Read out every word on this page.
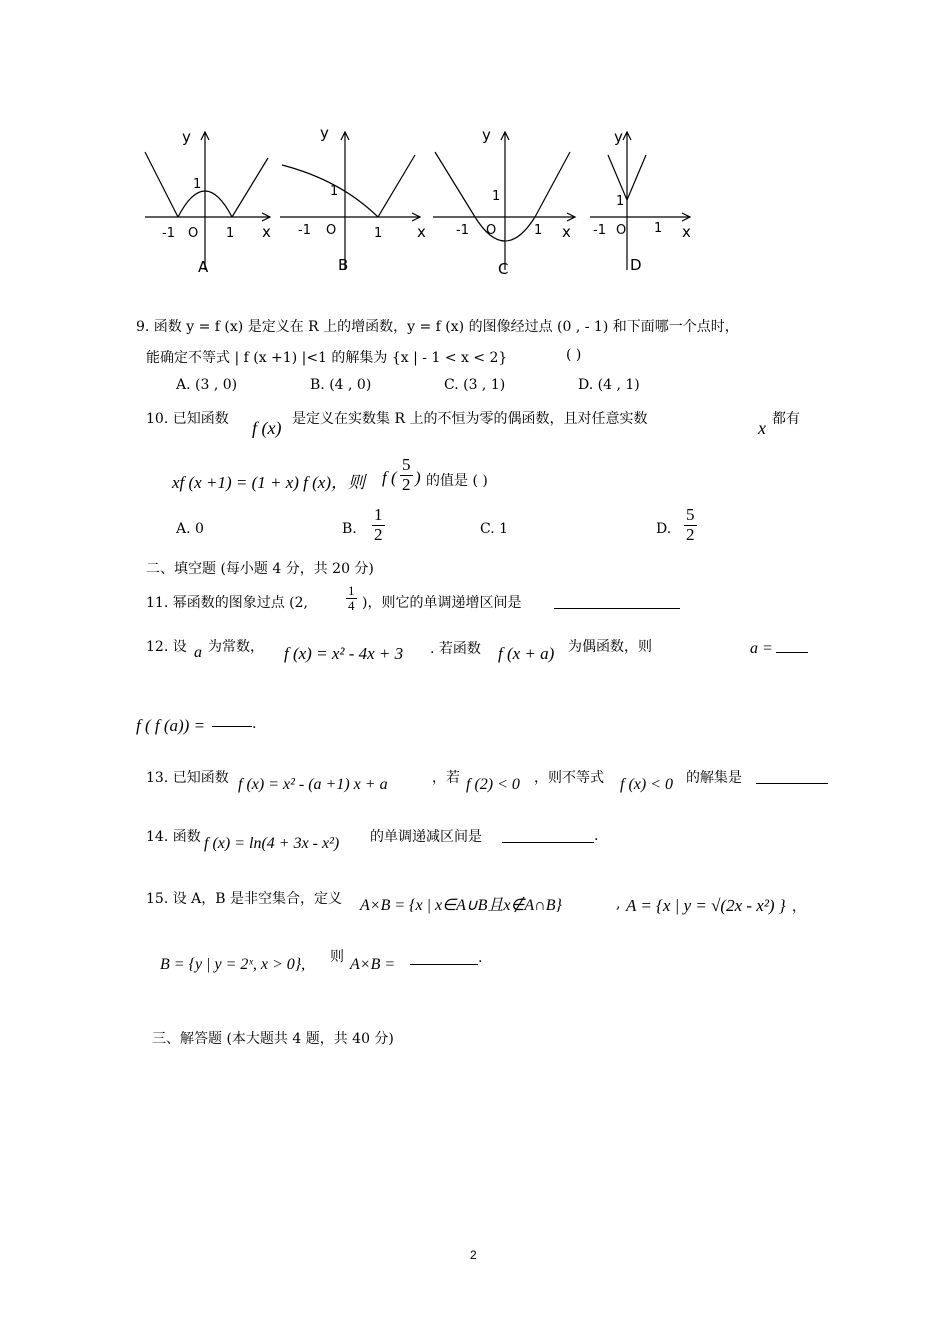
y
1
-1 O 1 x
A
y
1
-1 O	1 x
B
y
1
-1 O	1 x
C
y
1
-1 O 1 x
D
9. 函数 y = f (x) 是定义在 R 上的增函数，y = f (x) 的图像经过点 (0 , - 1) 和下面哪一个点时，
能确定不等式 | f (x +1) |<1 的解集为 {x | - 1 < x < 2}	( )
A. (3 , 0)	B. (4 , 0)	C. (3 , 1)	D. (4 , 1)
10. 已知函数 f (x) 是定义在实数集 R 上的不恒为零的偶函数，且对任意实数	x 都有
xf (x +1) = (1 + x) f (x)，则 f ( $\frac{5}{2}$ ) 的值是 ( )
A. 0	B. $\frac{1}{2}$	C. 1	D. $\frac{5}{2}$
二、填空题 (每小题 4 分，共 20 分)
11. 幂函数的图象过点 (2,	$\frac{1}{4}$ )，则它的单调递增区间是
12. 设 a 为常数， f (x) = x² - 4x + 3 . 若函数 f (x + a) 为偶函数，则	a =
f ( f (a)) =	.
13. 已知函数 f (x) = x² - (a +1) x + a	，若 f (2) < 0 ，则不等式 f (x) < 0 的解集是
14. 函数 f (x) = ln(4 + 3x - x²) 的单调递减区间是	.
15. 设 A，B 是非空集合，定义 A×B = {x | x∈A∪B且x∉A∩B}	, A = {x | y = √(2x - x²) } ，
B = {y | y = 2ˣ, x > 0}, 则 A×B =	.
三、解答题 (本大题共 4 题，共 40 分)
2
